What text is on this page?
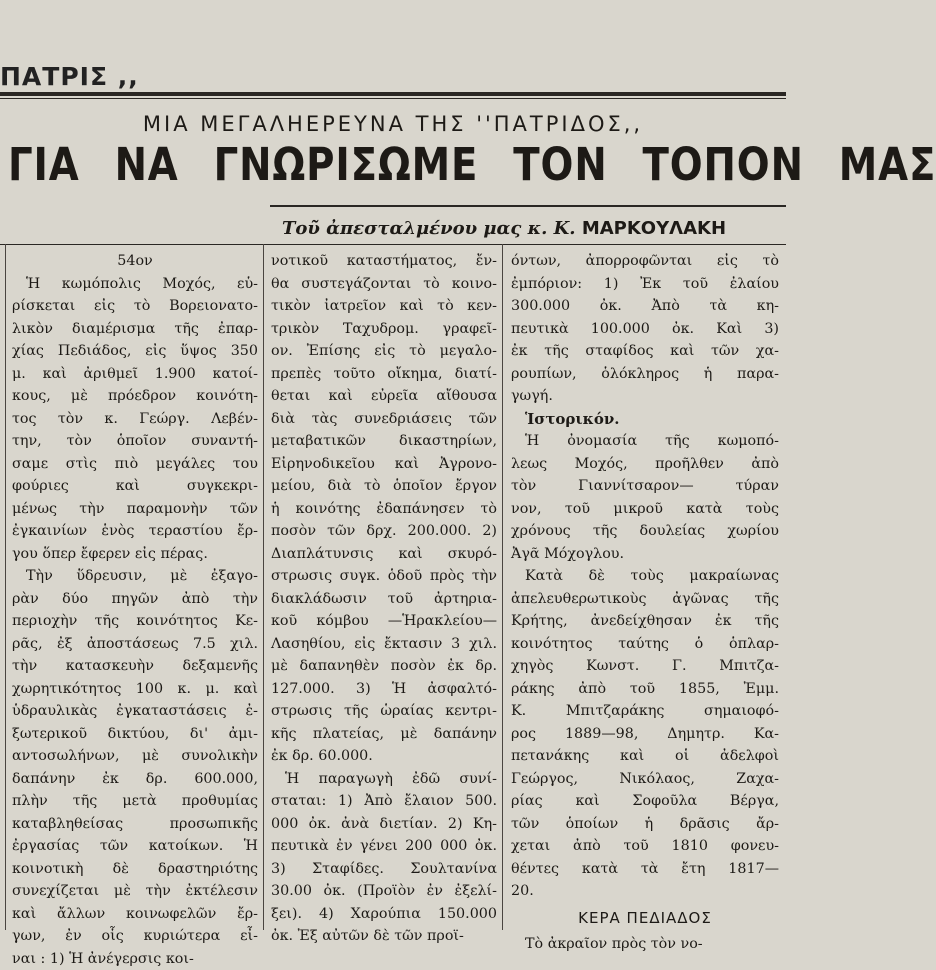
ΠΑΤΡΙΣ ,,
ΜΙΑ ΜΕΓΑΛΗΕΡΕΥΝΑ ΤΗΣ ''ΠΑΤΡΙΔΟΣ,,
ΓΙΑ ΝΑ ΓΝΩΡΙΣΩΜΕ ΤΟΝ ΤΟΠΟΝ ΜΑΣ
Τοῦ ἀπεσταλμένου μας κ. Κ. ΜΑΡΚΟΥΛΑΚΗ
54ον
Ἡ κωμόπολις Μοχός, εὑ-
ρίσκεται εἰς τὸ Βορειονατο-
λικὸν διαμέρισμα τῆς ἐπαρ-
χίας Πεδιάδος, εἰς ὕψος 350
μ. καὶ ἀριθμεῖ 1.900 κατοί-
κους, μὲ πρόεδρον κοινότη-
τος τὸν κ. Γεώργ. Λεβέν-
την, τὸν ὁποῖον συναντή-
σαμε στὶς πιὸ μεγάλες του
φούριες καὶ συγκεκρι-
μένως τὴν παραμονὴν τῶν
ἐγκαινίων ἑνὸς τεραστίου ἔρ-
γου ὅπερ ἔφερεν εἰς πέρας.
Τὴν ὕδρευσιν, μὲ ἐξαγο-
ρὰν δύο πηγῶν ἀπὸ τὴν
περιοχὴν τῆς κοινότητος Κε-
ρᾶς, ἐξ ἀποστάσεως 7.5 χιλ.
τὴν κατασκευὴν δεξαμενῆς
χωρητικότητος 100 κ. μ. καὶ
ὑδραυλικὰς ἐγκαταστάσεις ἐ-
ξωτερικοῦ δικτύου, δι' ἀμι-
αντοσωλήνων, μὲ συνολικὴν
δαπάνην ἐκ δρ. 600.000,
πλὴν τῆς μετὰ προθυμίας
καταβληθείσας προσωπικῆς
ἐργασίας τῶν κατοίκων. Ἡ
κοινοτικὴ δὲ δραστηριότης
συνεχίζεται μὲ τὴν ἐκτέλεσιν
καὶ ἄλλων κοινωφελῶν ἔρ-
γων, ἐν οἷς κυριώτερα εἶ-
ναι : 1) Ἡ ἀνέγερσις κοι-
νοτικοῦ καταστήματος, ἔν-
θα συστεγάζονται τὸ κοινο-
τικὸν ἰατρεῖον καὶ τὸ κεν-
τρικὸν Ταχυδρομ. γραφεῖ-
ον. Ἐπίσης εἰς τὸ μεγαλο-
πρεπὲς τοῦτο οἴκημα, διατί-
θεται καὶ εὐρεῖα αἴθουσα
διὰ τὰς συνεδριάσεις τῶν
μεταβατικῶν δικαστηρίων,
Εἰρηνοδικεῖου καὶ Ἀγρονο-
μείου, διὰ τὸ ὁποῖον ἔργον
ἡ κοινότης ἐδαπάνησεν τὸ
ποσὸν τῶν δρχ. 200.000. 2)
Διαπλάτυνσις καὶ σκυρό-
στρωσις συγκ. ὁδοῦ πρὸς τὴν
διακλάδωσιν τοῦ ἀρτηρια-
κοῦ κόμβου —Ἡρακλείου—
Λασηθίου, εἰς ἔκτασιν 3 χιλ.
μὲ δαπανηθὲν ποσὸν ἐκ δρ.
127.000. 3) Ἡ ἀσφαλτό-
στρωσις τῆς ὡραίας κεντρι-
κῆς πλατείας, μὲ δαπάνην
ἐκ δρ. 60.000.
Ἡ παραγωγὴ ἐδῶ συνί-
σταται: 1) Ἀπὸ ἔλαιον 500.
000 ὀκ. ἀνὰ διετίαν. 2) Κη-
πευτικὰ ἐν γένει 200 000 ὀκ.
3) Σταφίδες. Σουλτανίνα
30.00 ὀκ. (Προϊὸν ἐν ἐξελί-
ξει). 4) Χαρούπια 150.000
ὀκ. Ἐξ αὐτῶν δὲ τῶν προϊ-
όντων, ἀπορροφῶνται εἰς τὸ
ἐμπόριον: 1) Ἐκ τοῦ ἐλαίου
300.000 ὀκ. Ἀπὸ τὰ κη-
πευτικὰ 100.000 ὀκ. Καὶ 3)
ἐκ τῆς σταφίδος καὶ τῶν χα-
ρουπίων, ὁλόκληρος ἡ παρα-
γωγή.
Ἱστορικόν.
Ἡ ὀνομασία τῆς κωμοπό-
λεως Μοχός, προῆλθεν ἀπὸ
τὸν Γιαννίτσαρον— τύραν
νον, τοῦ μικροῦ κατὰ τοὺς
χρόνους τῆς δουλείας χωρίου
Ἀγᾶ Μόχογλου.
Κατὰ δὲ τοὺς μακραίωνας
ἀπελευθερωτικοὺς ἀγῶνας τῆς
Κρήτης, ἀνεδείχθησαν ἐκ τῆς
κοινότητος ταύτης ὁ ὁπλαρ-
χηγὸς Κωνστ. Γ. Μπιτζα-
ράκης ἀπὸ τοῦ 1855, Ἐμμ.
Κ. Μπιτζαράκης σημαιοφό-
ρος 1889—98, Δημητρ. Κα-
πετανάκης καὶ οἱ ἀδελφοὶ
Γεώργος, Νικόλαος, Ζαχα-
ρίας καὶ Σοφοῦλα Βέργα,
τῶν ὁποίων ἡ δρᾶσις ἄρ-
χεται ἀπὸ τοῦ 1810 φονευ-
θέντες κατὰ τὰ ἔτη 1817—
20.
ΚΕΡΑ ΠΕΔΙΑΔΟΣ
Τὸ ἀκραῖον πρὸς τὸν νο-
